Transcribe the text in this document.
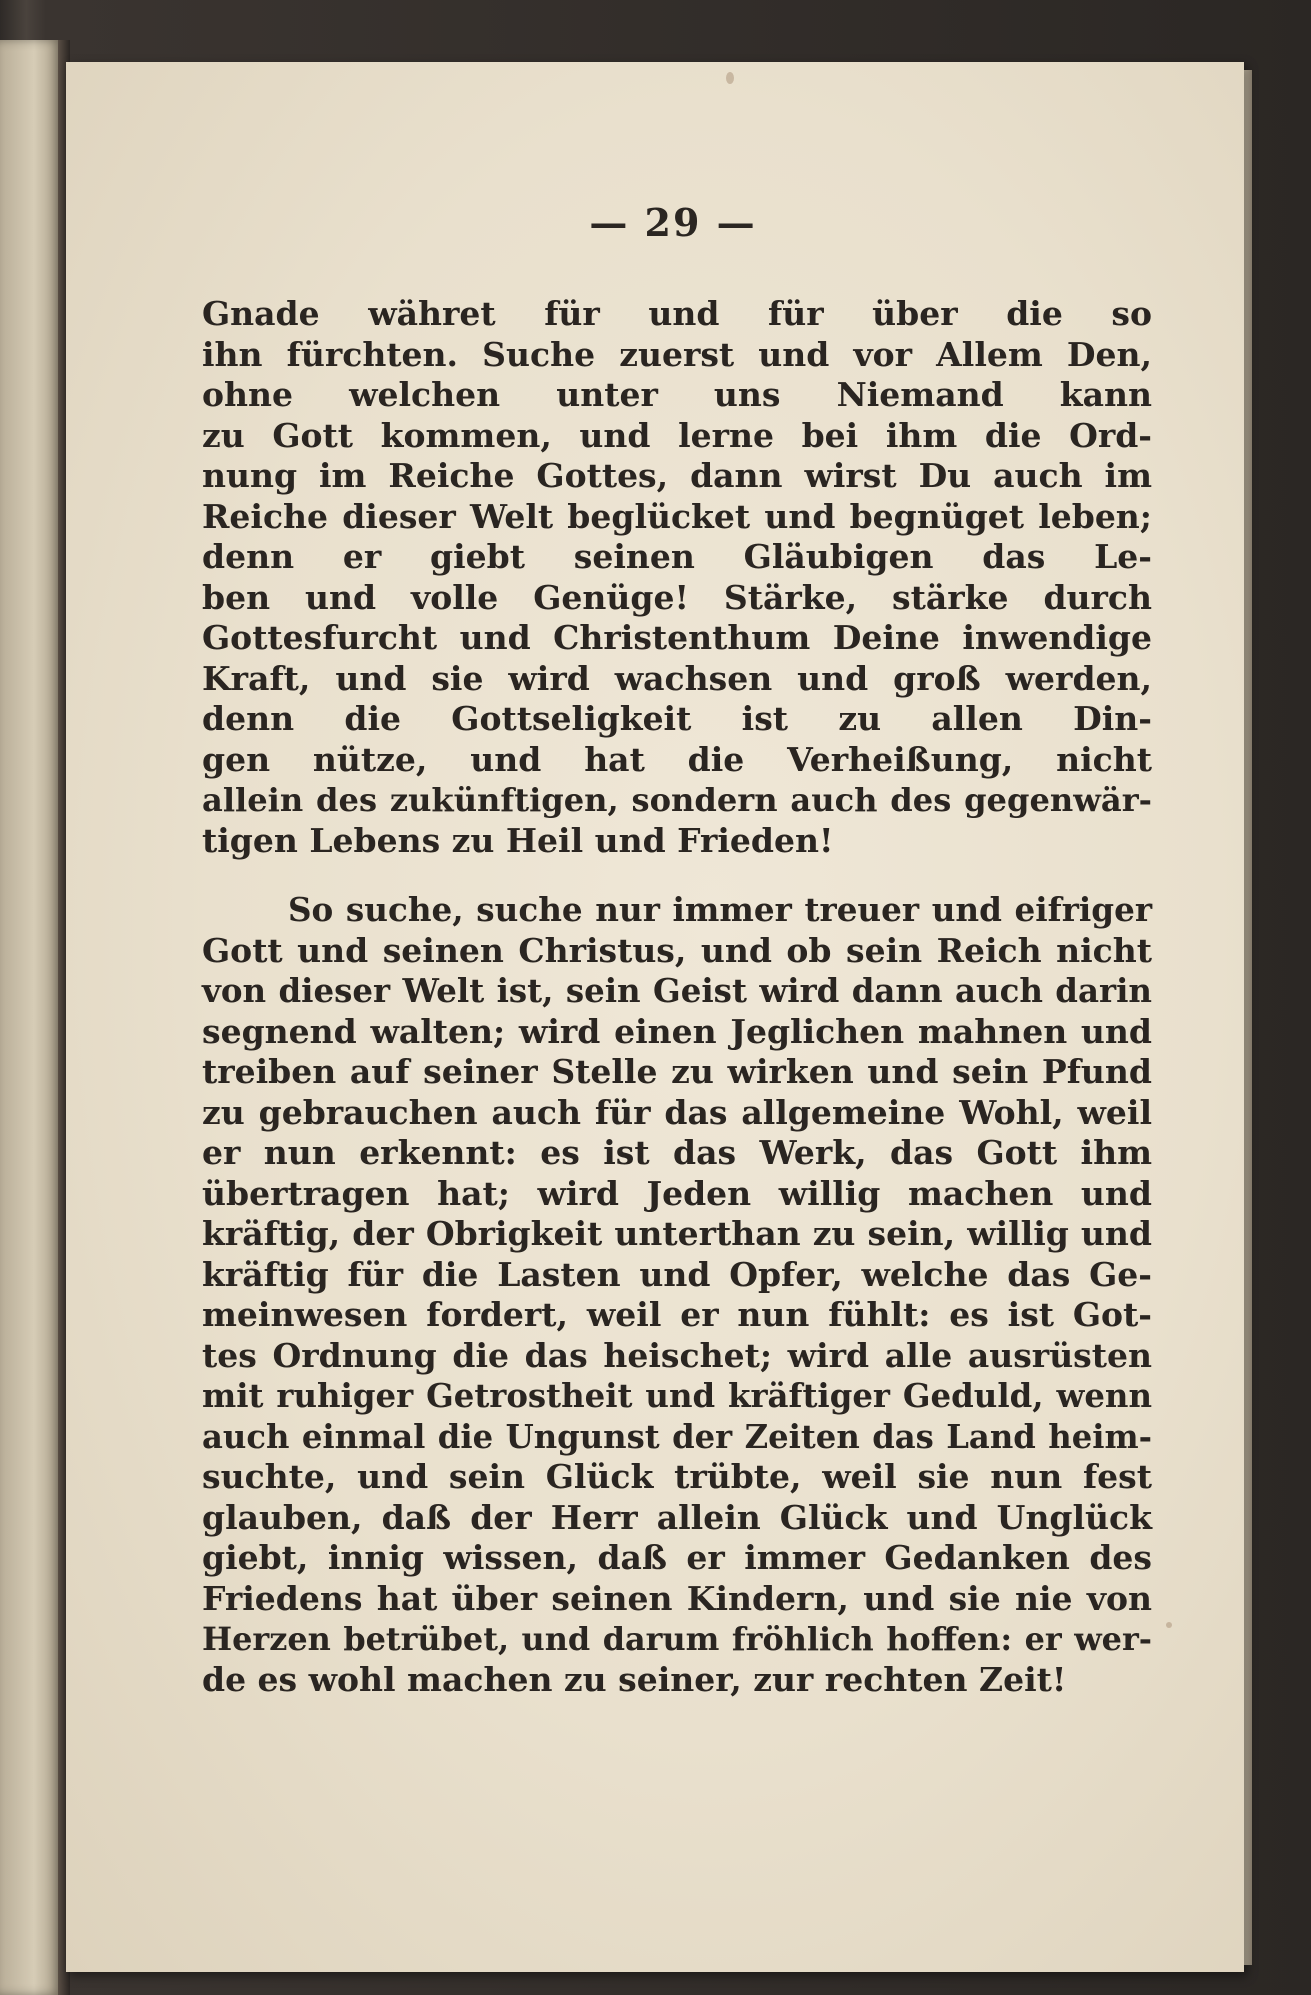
— 29 —
Gnade währet für und für über die so
ihn fürchten. Suche zuerst und vor Allem Den,
ohne welchen unter uns Niemand kann
zu Gott kommen, und lerne bei ihm die Ord-
nung im Reiche Gottes, dann wirst Du auch im
Reiche dieser Welt beglücket und begnüget leben;
denn er giebt seinen Gläubigen das Le-
ben und volle Genüge! Stärke, stärke durch
Gottesfurcht und Christenthum Deine inwendige
Kraft, und sie wird wachsen und groß werden,
denn die Gottseligkeit ist zu allen Din-
gen nütze, und hat die Verheißung, nicht
allein des zukünftigen, sondern auch des gegenwär-
tigen Lebens zu Heil und Frieden!
So suche, suche nur immer treuer und eifriger
Gott und seinen Christus, und ob sein Reich nicht
von dieser Welt ist, sein Geist wird dann auch darin
segnend walten; wird einen Jeglichen mahnen und
treiben auf seiner Stelle zu wirken und sein Pfund
zu gebrauchen auch für das allgemeine Wohl, weil
er nun erkennt: es ist das Werk, das Gott ihm
übertragen hat; wird Jeden willig machen und
kräftig, der Obrigkeit unterthan zu sein, willig und
kräftig für die Lasten und Opfer, welche das Ge-
meinwesen fordert, weil er nun fühlt: es ist Got-
tes Ordnung die das heischet; wird alle ausrüsten
mit ruhiger Getrostheit und kräftiger Geduld, wenn
auch einmal die Ungunst der Zeiten das Land heim-
suchte, und sein Glück trübte, weil sie nun fest
glauben, daß der Herr allein Glück und Unglück
giebt, innig wissen, daß er immer Gedanken des
Friedens hat über seinen Kindern, und sie nie von
Herzen betrübet, und darum fröhlich hoffen: er wer-
de es wohl machen zu seiner, zur rechten Zeit!
